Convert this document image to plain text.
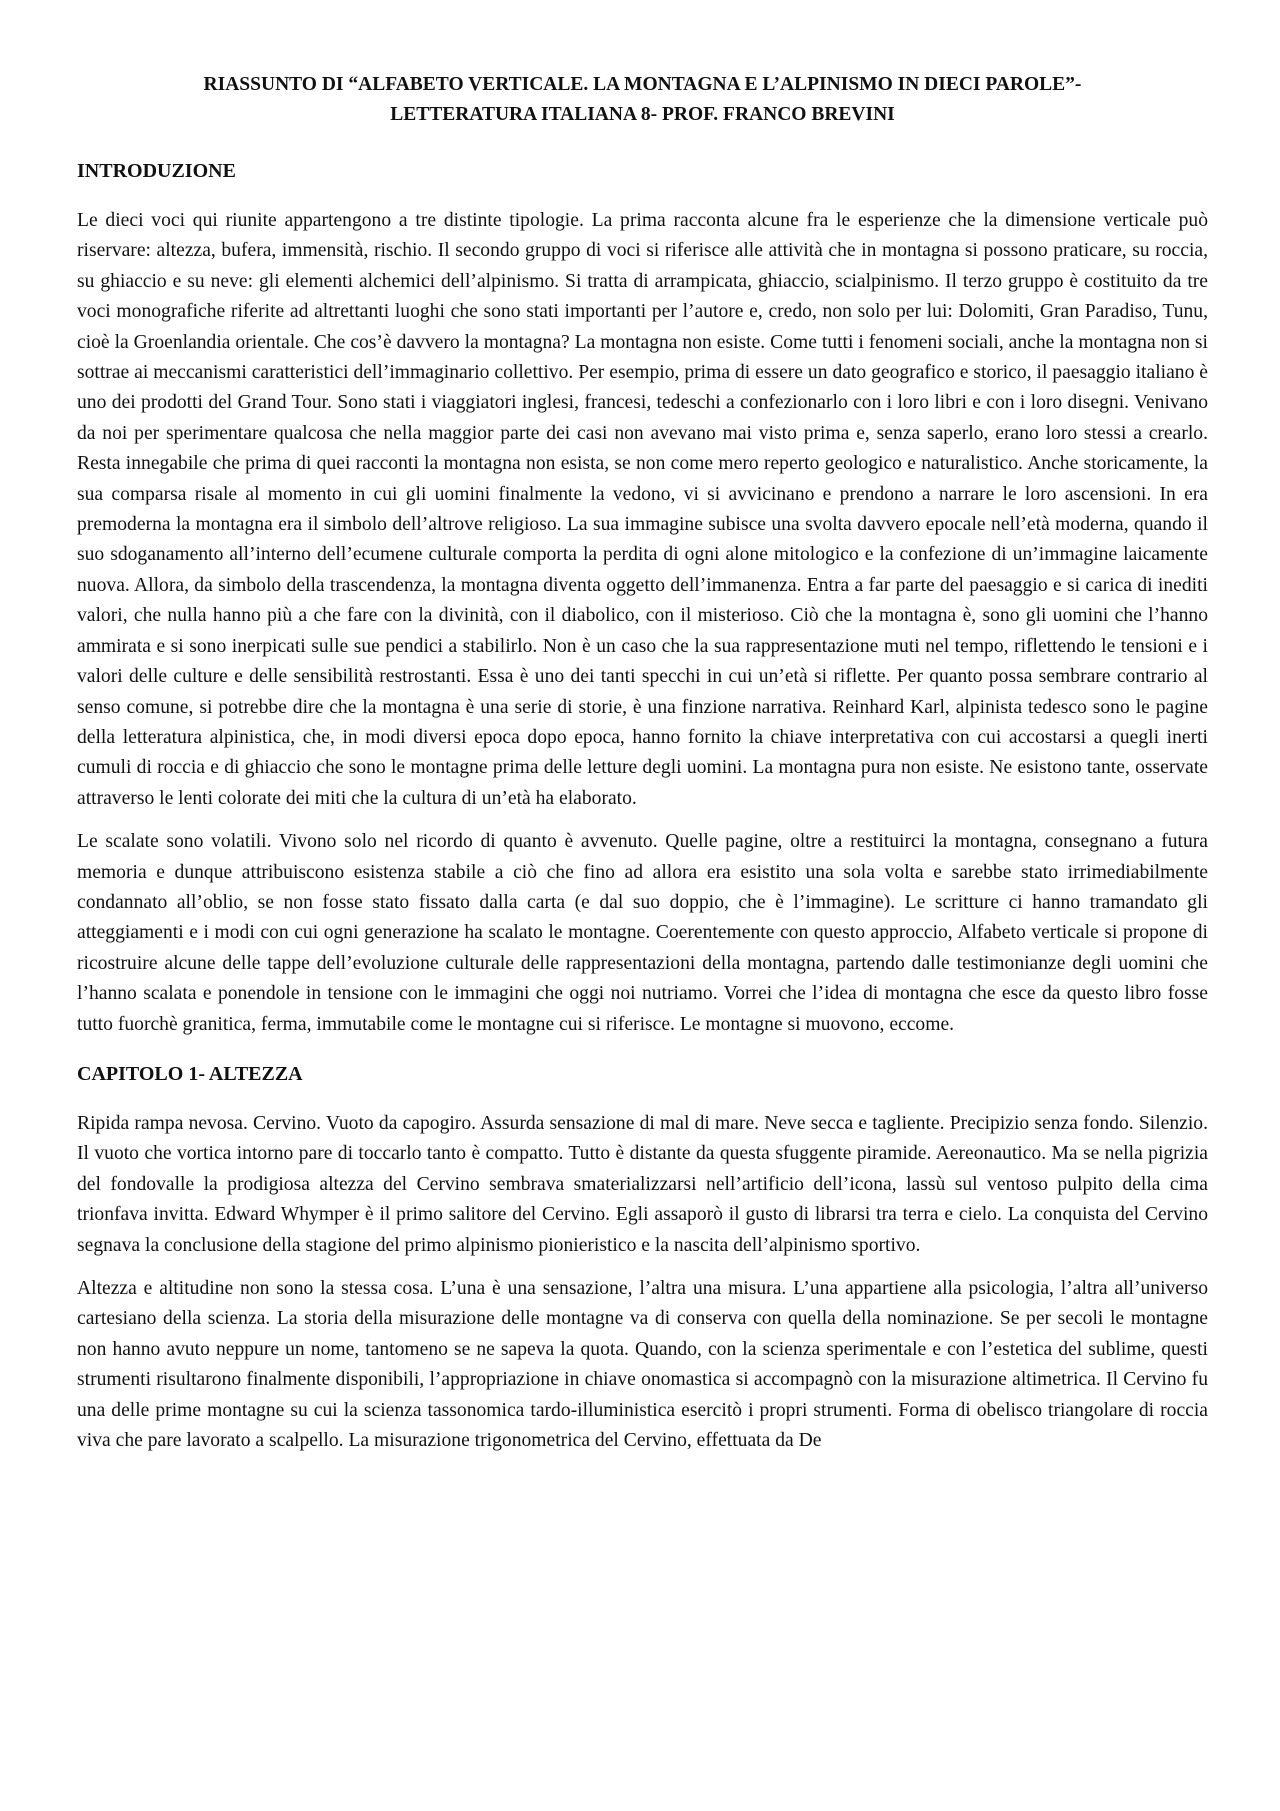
RIASSUNTO DI “ALFABETO VERTICALE. LA MONTAGNA E L’ALPINISMO IN DIECI PAROLE”-
LETTERATURA ITALIANA 8- PROF. FRANCO BREVINI
INTRODUZIONE

Le dieci voci qui riunite appartengono a tre distinte tipologie. La prima racconta alcune fra le esperienze che la dimensione verticale può riservare: altezza, bufera, immensità, rischio. Il secondo gruppo di voci si riferisce alle attività che in montagna si possono praticare, su roccia, su ghiaccio e su neve: gli elementi alchemici dell’alpinismo. Si tratta di arrampicata, ghiaccio, scialpinismo. Il terzo gruppo è costituito da tre voci monografiche riferite ad altrettanti luoghi che sono stati importanti per l’autore e, credo, non solo per lui: Dolomiti, Gran Paradiso, Tunu, cioè la Groenlandia orientale. Che cos’è davvero la montagna? La montagna non esiste. Come tutti i fenomeni sociali, anche la montagna non si sottrae ai meccanismi caratteristici dell’immaginario collettivo. Per esempio, prima di essere un dato geografico e storico, il paesaggio italiano è uno dei prodotti del Grand Tour. Sono stati i viaggiatori inglesi, francesi, tedeschi a confezionarlo con i loro libri e con i loro disegni. Venivano da noi per sperimentare qualcosa che nella maggior parte dei casi non avevano mai visto prima e, senza saperlo, erano loro stessi a crearlo. Resta innegabile che prima di quei racconti la montagna non esista, se non come mero reperto geologico e naturalistico. Anche storicamente, la sua comparsa risale al momento in cui gli uomini finalmente la vedono, vi si avvicinano e prendono a narrare le loro ascensioni. In era premoderna la montagna era il simbolo dell’altrove religioso. La sua immagine subisce una svolta davvero epocale nell’età moderna, quando il suo sdoganamento all’interno dell’ecumene culturale comporta la perdita di ogni alone mitologico e la confezione di un’immagine laicamente nuova. Allora, da simbolo della trascendenza, la montagna diventa oggetto dell’immanenza. Entra a far parte del paesaggio e si carica di inediti valori, che nulla hanno più a che fare con la divinità, con il diabolico, con il misterioso. Ciò che la montagna è, sono gli uomini che l’hanno ammirata e si sono inerpicati sulle sue pendici a stabilirlo. Non è un caso che la sua rappresentazione muti nel tempo, riflettendo le tensioni e i valori delle culture e delle sensibilità restrostanti. Essa è uno dei tanti specchi in cui un’età si riflette. Per quanto possa sembrare contrario al senso comune, si potrebbe dire che la montagna è una serie di storie, è una finzione narrativa. Reinhard Karl, alpinista tedesco sono le pagine della letteratura alpinistica, che, in modi diversi epoca dopo epoca, hanno fornito la chiave interpretativa con cui accostarsi a quegli inerti cumuli di roccia e di ghiaccio che sono le montagne prima delle letture degli uomini. La montagna pura non esiste. Ne esistono tante, osservate attraverso le lenti colorate dei miti che la cultura di un’età ha elaborato.

Le scalate sono volatili. Vivono solo nel ricordo di quanto è avvenuto. Quelle pagine, oltre a restituirci la montagna, consegnano a futura memoria e dunque attribuiscono esistenza stabile a ciò che fino ad allora era esistito una sola volta e sarebbe stato irrimediabilmente condannato all’oblio, se non fosse stato fissato dalla carta (e dal suo doppio, che è l’immagine). Le scritture ci hanno tramandato gli atteggiamenti e i modi con cui ogni generazione ha scalato le montagne. Coerentemente con questo approccio, Alfabeto verticale si propone di ricostruire alcune delle tappe dell’evoluzione culturale delle rappresentazioni della montagna, partendo dalle testimonianze degli uomini che l’hanno scalata e ponendole in tensione con le immagini che oggi noi nutriamo. Vorrei che l’idea di montagna che esce da questo libro fosse tutto fuorchè granitica, ferma, immutabile come le montagne cui si riferisce. Le montagne si muovono, eccome.

CAPITOLO 1- ALTEZZA

Ripida rampa nevosa. Cervino. Vuoto da capogiro. Assurda sensazione di mal di mare. Neve secca e tagliente. Precipizio senza fondo. Silenzio. Il vuoto che vortica intorno pare di toccarlo tanto è compatto. Tutto è distante da questa sfuggente piramide. Aereonautico. Ma se nella pigrizia del fondovalle la prodigiosa altezza del Cervino sembrava smaterializzarsi nell’artificio dell’icona, lassù sul ventoso pulpito della cima trionfava invitta. Edward Whymper è il primo salitore del Cervino. Egli assaporò il gusto di librarsi tra terra e cielo. La conquista del Cervino segnava la conclusione della stagione del primo alpinismo pionieristico e la nascita dell’alpinismo sportivo.

Altezza e altitudine non sono la stessa cosa. L’una è una sensazione, l’altra una misura. L’una appartiene alla psicologia, l’altra all’universo cartesiano della scienza. La storia della misurazione delle montagne va di conserva con quella della nominazione. Se per secoli le montagne non hanno avuto neppure un nome, tantomeno se ne sapeva la quota. Quando, con la scienza sperimentale e con l’estetica del sublime, questi strumenti risultarono finalmente disponibili, l’appropriazione in chiave onomastica si accompagnò con la misurazione altimetrica. Il Cervino fu una delle prime montagne su cui la scienza tassonomica tardo-illuministica esercitò i propri strumenti. Forma di obelisco triangolare di roccia viva che pare lavorato a scalpello. La misurazione trigonometrica del Cervino, effettuata da De
